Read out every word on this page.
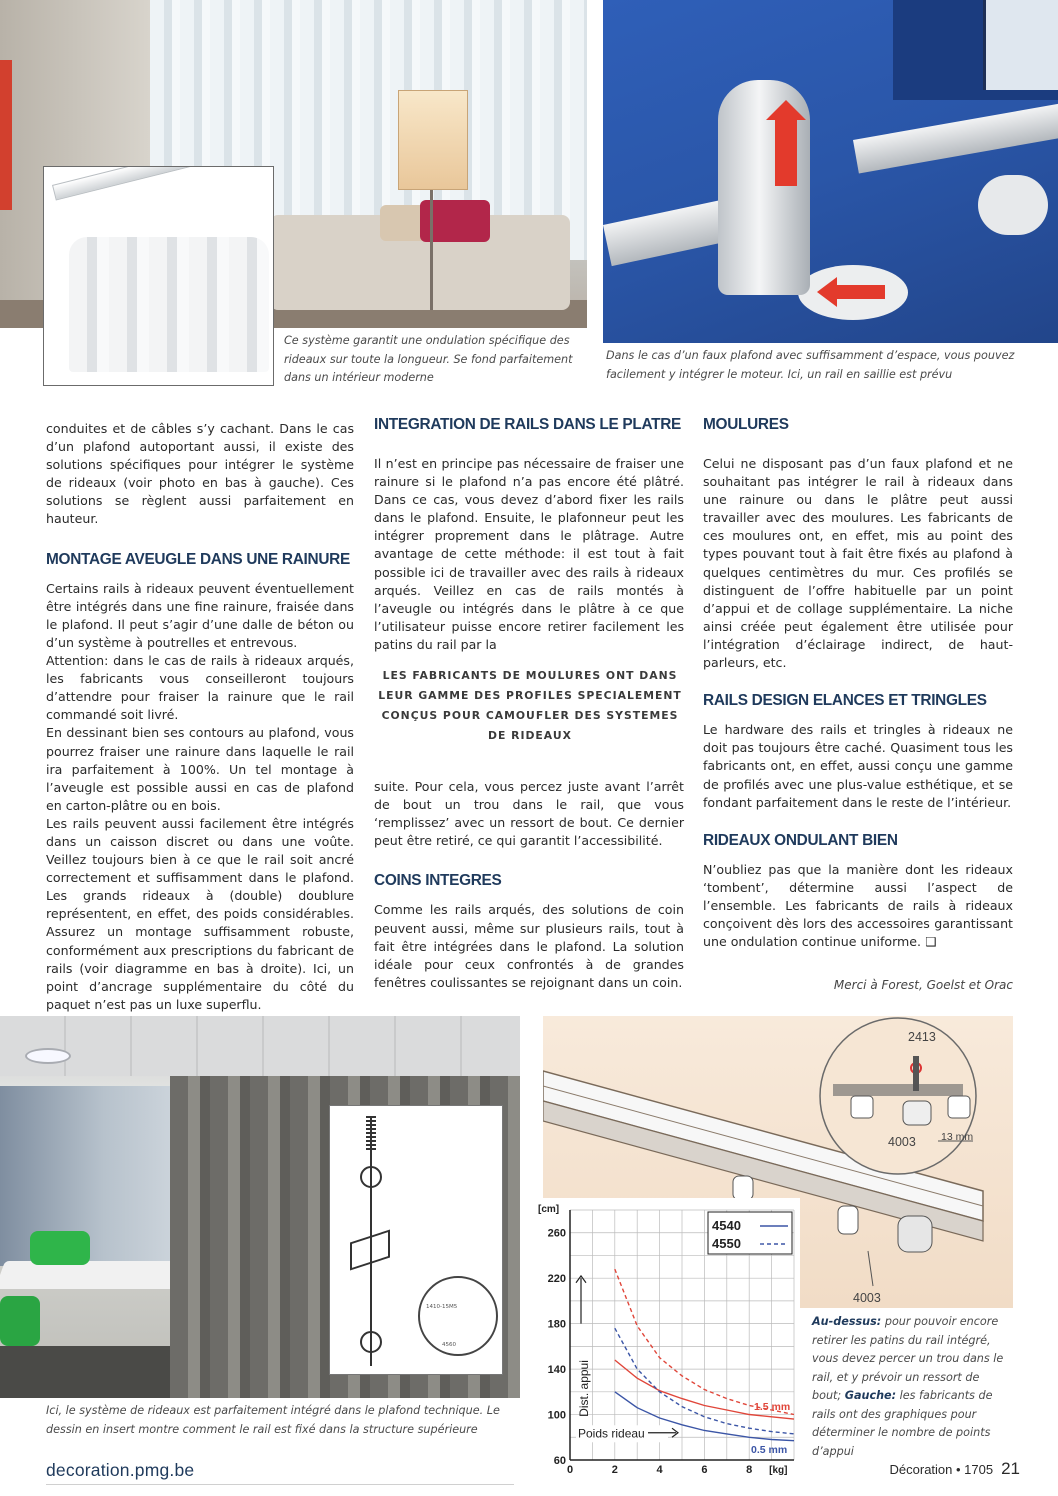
Ce système garantit une ondulation spécifique des rideaux sur toute la longueur. Se fond parfaitement dans un intérieur moderne
Dans le cas d’un faux plafond avec suffisamment d’espace, vous pouvez facilement y intégrer le moteur. Ici, un rail en saillie est prévu

conduites et de câbles s’y cachant. Dans le cas d’un plafond autoportant aussi, il existe des solutions spécifiques pour intégrer le système de rideaux (voir photo en bas à gauche). Ces solutions se règlent aussi parfaitement en hauteur.

MONTAGE AVEUGLE DANS UNE RAINURE

Certains rails à rideaux peuvent éventuellement être intégrés dans une fine rainure, fraisée dans le plafond. Il peut s’agir d’une dalle de béton ou d’un système à poutrelles et entrevous.

Attention: dans le cas de rails à rideaux arqués, les fabricants vous conseilleront toujours d’attendre pour fraiser la rainure que le rail commandé soit livré.

En dessinant bien ses contours au plafond, vous pourrez fraiser une rainure dans laquelle le rail ira parfaitement à 100%. Un tel montage à l’aveugle est possible aussi en cas de plafond en carton-plâtre ou en bois.

Les rails peuvent aussi facilement être intégrés dans un caisson discret ou dans une voûte. Veillez toujours bien à ce que le rail soit ancré correctement et suffisamment dans le plafond. Les grands rideaux à (double) doublure représentent, en effet, des poids considérables. Assurez un montage suffisamment robuste, conformément aux prescriptions du fabricant de rails (voir diagramme en bas à droite). Ici, un point d’ancrage supplémentaire du côté du paquet n’est pas un luxe superflu.

INTEGRATION DE RAILS DANS LE PLATRE

Il n’est en principe pas nécessaire de fraiser une rainure si le plafond n’a pas encore été plâtré. Dans ce cas, vous devez d’abord fixer les rails dans le plafond. Ensuite, le plafonneur peut les intégrer proprement dans le plâtrage. Autre avantage de cette méthode: il est tout à fait possible ici de travailler avec des rails à rideaux arqués. Veillez en cas de rails montés à l’aveugle ou intégrés dans le plâtre à ce que l’utilisateur puisse encore retirer facilement les patins du rail par la

LES FABRICANTS DE MOULURES ONT DANS LEUR GAMME DES PROFILES SPECIALEMENT CONÇUS POUR CAMOUFLER DES SYSTEMES DE RIDEAUX

suite. Pour cela, vous percez juste avant l’arrêt de bout un trou dans le rail, que vous ‘remplissez’ avec un ressort de bout. Ce dernier peut être retiré, ce qui garantit l’accessibilité.

COINS INTEGRES

Comme les rails arqués, des solutions de coin peuvent aussi, même sur plusieurs rails, tout à fait être intégrées dans le plafond. La solution idéale pour ceux confrontés à de grandes fenêtres coulissantes se rejoignant dans un coin.

MOULURES

Celui ne disposant pas d’un faux plafond et ne souhaitant pas intégrer le rail à rideaux dans une rainure ou dans le plâtre peut aussi travailler avec des moulures. Les fabricants de ces moulures ont, en effet, mis au point des types pouvant tout à fait être fixés au plafond à quelques centimètres du mur. Ces profilés se distinguent de l’offre habituelle par un point d’appui et de collage supplémentaire. La niche ainsi créée peut également être utilisée pour l’intégration d’éclairage indirect, de haut-parleurs, etc.

RAILS DESIGN ELANCES ET TRINGLES

Le hardware des rails et tringles à rideaux ne doit pas toujours être caché. Quasiment tous les fabricants ont, en effet, aussi conçu une gamme de profilés avec une plus-value esthétique, et se fondant parfaitement dans le reste de l’intérieur.

RIDEAUX ONDULANT BIEN

N’oubliez pas que la manière dont les rideaux ‘tombent’, détermine aussi l’aspect de l’ensemble. Les fabricants de rails à rideaux conçoivent dès lors des accessoires garantissant une ondulation continue uniforme. ❑

Merci à Forest, Goelst et Orac
1410-15M5
4560
Ici, le système de rideaux est parfaitement intégré dans le plafond technique. Le dessin en insert montre comment le rail est fixé dans la structure supérieure
2413
4003 13 mm
4003
0	2	4	6	8
60
100
140
180
220
260
[cm]
[kg]
4540
4550
1.5 mm
0.5 mm
Dist. appui
Poids rideau
Au-dessus: pour pouvoir encore retirer les patins du rail intégré, vous devez percer un trou dans le rail, et y prévoir un ressort de bout; Gauche: les fabricants de rails ont des graphiques pour déterminer le nombre de points d’appui
decoration.pmg.be	Décoration • 1705 21
